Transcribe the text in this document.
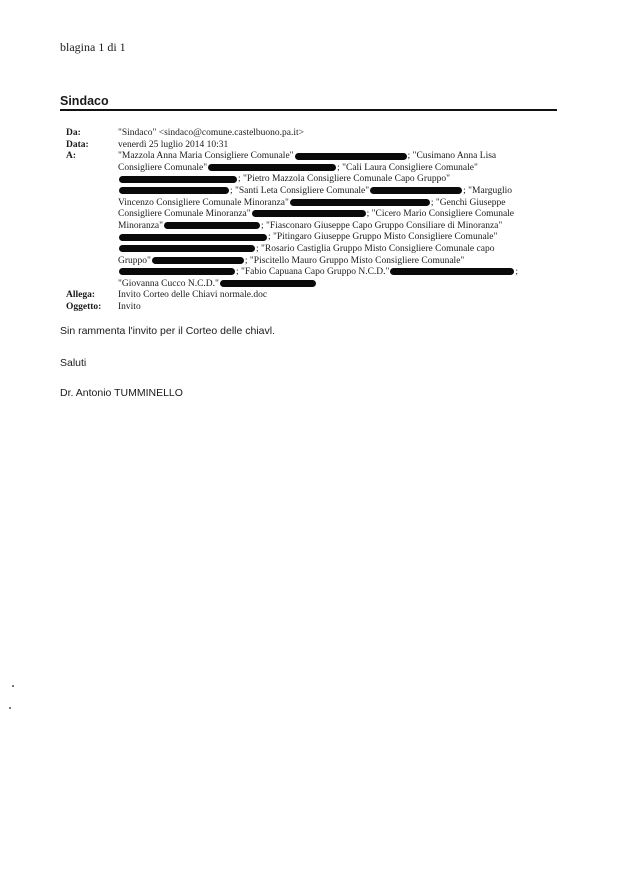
blagina 1 di 1
Sindaco
Da:	"Sindaco" <sindaco@comune.castelbuono.pa.it>
Data:	venerdì 25 luglio 2014 10:31
A:	"Mazzola Anna Maria Consigliere Comunale"	; "Cusimano Anna Lisa
Consigliere Comunale"	; "Cali Laura Consigliere Comunale"
; "Pietro Mazzola Consigliere Comunale Capo Gruppo"
; "Santi Leta Consigliere Comunale"	; "Marguglio
Vincenzo Consigliere Comunale Minoranza"	; "Genchi Giuseppe
Consigliere Comunale Minoranza"	; "Cicero Mario Consigliere Comunale
Minoranza"	; "Fiasconaro Giuseppe Capo Gruppo Consiliare di Minoranza"
; "Pitingaro Giuseppe Gruppo Misto Consigliere Comunale"
; "Rosario Castiglia Gruppo Misto Consigliere Comunale capo
Gruppo"	; "Piscitello Mauro Gruppo Misto Consigliere Comunale"
; "Fabio Capuana Capo Gruppo N.C.D."	;
"Giovanna Cucco N.C.D."
Allega:	Invito Corteo delle Chiavi normale.doc
Oggetto:	Invito
Sin rammenta l'invito per il Corteo delle chiavl.
Saluti
Dr. Antonio TUMMINELLO
